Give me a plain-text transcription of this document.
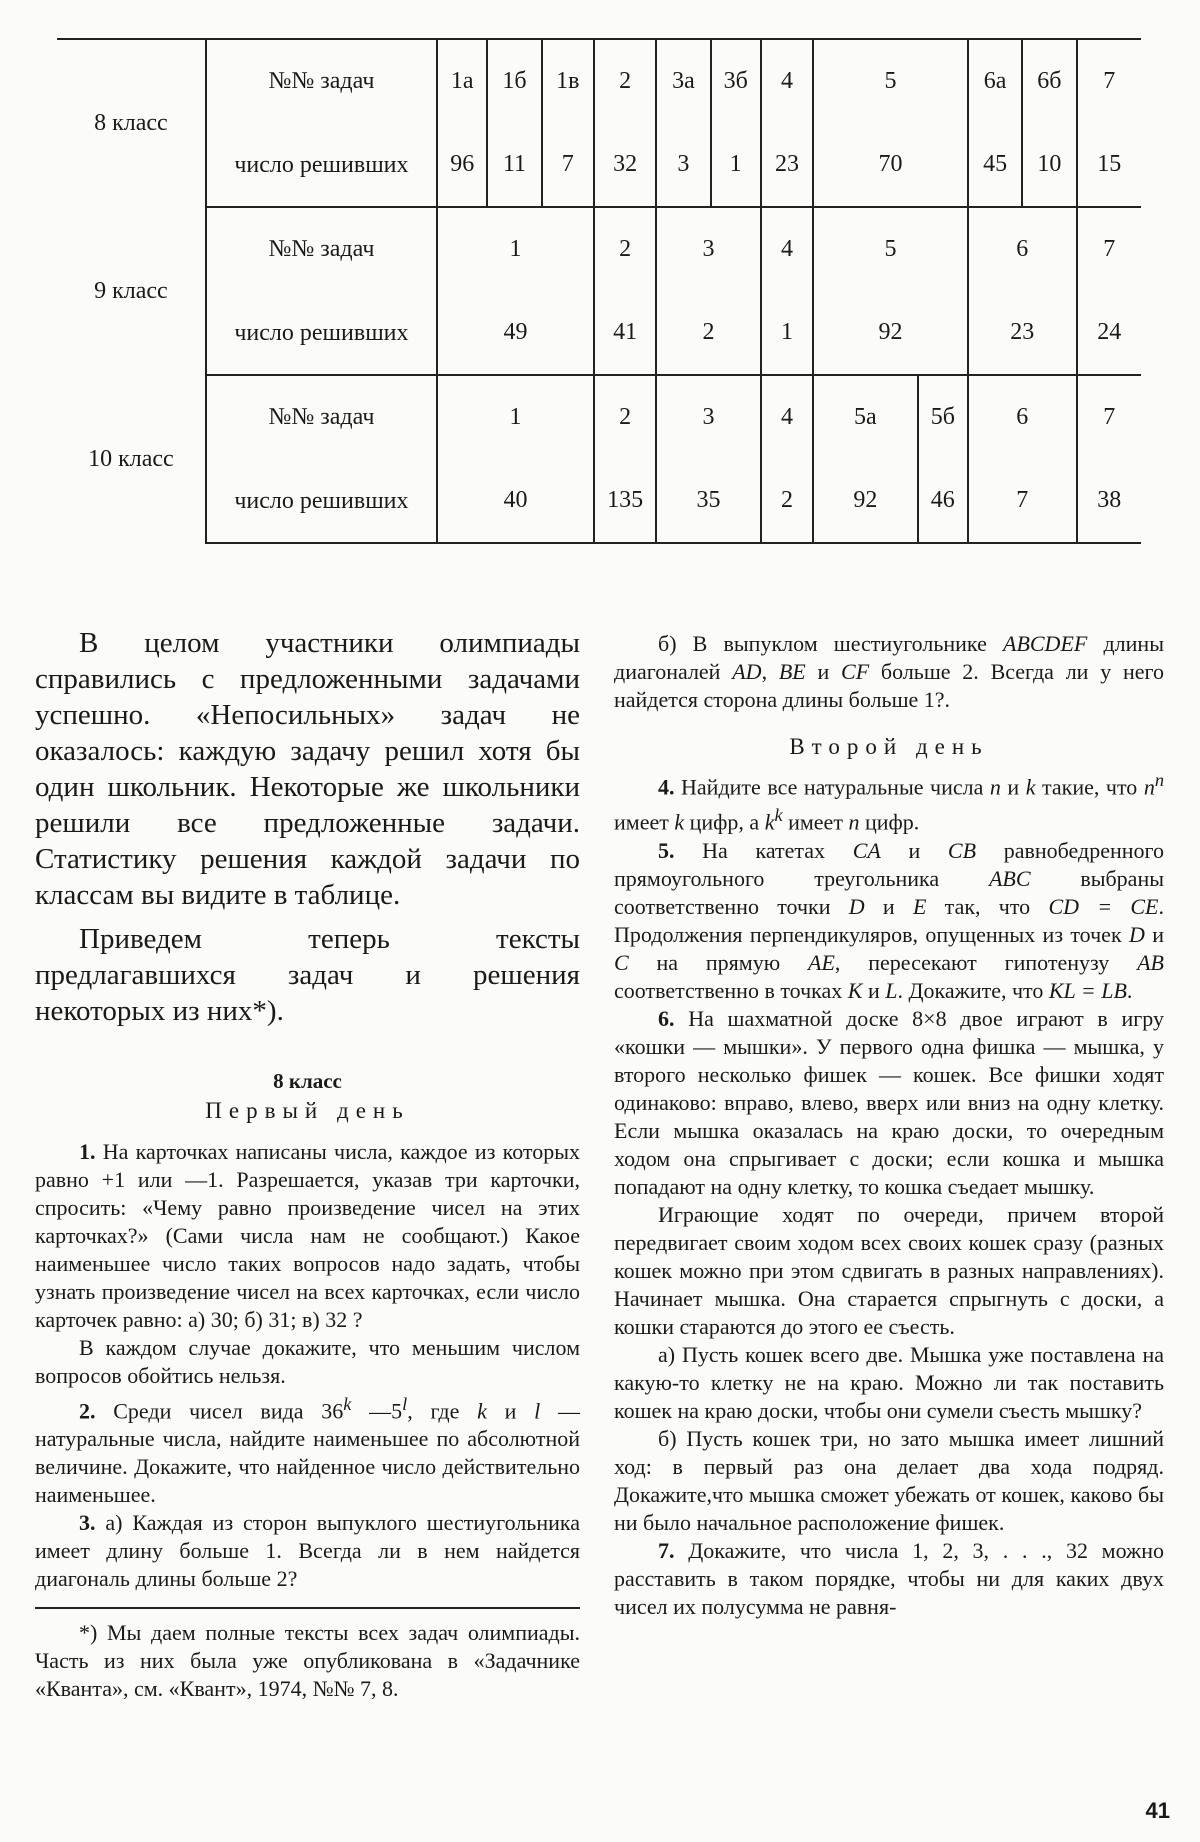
8 класс	№№ задач	1а	1б	1в	2	3а	3б	4	5		6а	6б	7
	число решивших	96	11	7	32	3	1	23	70		45	10	15
9 класс	№№ задач	1			2	3		4	5		6		7
	число решивших	49			41	2		1	92		23		24
10 класс	№№ задач	1			2	3		4	5а	5б	6		7
	число решивших	40			135	35		2	92	46	7		38

В целом участники олимпиады справились с предложенными задачами успешно. «Непосильных» задач не оказалось: каждую задачу решил хотя бы один школьник. Некоторые же школьники решили все предложенные задачи. Статистику решения каждой задачи по классам вы видите в таблице.

Приведем теперь тексты предлагавшихся задач и решения некоторых из них*).

8 класс
Первый день

1. На карточках написаны числа, каждое из которых равно +1 или —1. Разрешается, указав три карточки, спросить: «Чему равно произведение чисел на этих карточках?» (Сами числа нам не сообщают.) Какое наименьшее число таких вопросов надо задать, чтобы узнать произведение чисел на всех карточках, если число карточек равно: а) 30; б) 31; в) 32 ?

В каждом случае докажите, что меньшим числом вопросов обойтись нельзя.

2. Среди чисел вида 36$^k$ —5$^l$, где k и l — натуральные числа, найдите наименьшее по абсолютной величине. Докажите, что найденное число действительно наименьшее.

3. а) Каждая из сторон выпуклого шестиугольника имеет длину больше 1. Всегда ли в нем найдется диагональ длины больше 2?

*) Мы даем полные тексты всех задач олимпиады. Часть из них была уже опубликована в «Задачнике «Кванта», см. «Квант», 1974, №№ 7, 8.

б) В выпуклом шестиугольнике ABCDEF длины диагоналей AD, BE и CF больше 2. Всегда ли у него найдется сторона длины больше 1?.

Второй день

4. Найдите все натуральные числа n и k такие, что $n^n$ имеет k цифр, а $k^k$ имеет n цифр.

5. На катетах CA и CB равнобедренного прямоугольного треугольника ABC выбраны соответственно точки D и E так, что CD = CE. Продолжения перпендикуляров, опущенных из точек D и C на прямую AE, пересекают гипотенузу AB соответственно в точках K и L. Докажите, что KL = LB.

6. На шахматной доске 8×8 двое играют в игру «кошки — мышки». У первого одна фишка — мышка, у второго несколько фишек — кошек. Все фишки ходят одинаково: вправо, влево, вверх или вниз на одну клетку. Если мышка оказалась на краю доски, то очередным ходом она спрыгивает с доски; если кошка и мышка попадают на одну клетку, то кошка съедает мышку.

Играющие ходят по очереди, причем второй передвигает своим ходом всех своих кошек сразу (разных кошек можно при этом сдвигать в разных направлениях). Начинает мышка. Она старается спрыгнуть с доски, а кошки стараются до этого ее съесть.

а) Пусть кошек всего две. Мышка уже поставлена на какую-то клетку не на краю. Можно ли так поставить кошек на краю доски, чтобы они сумели съесть мышку?

б) Пусть кошек три, но зато мышка имеет лишний ход: в первый раз она делает два хода подряд. Докажите,что мышка сможет убежать от кошек, каково бы ни было начальное расположение фишек.

7. Докажите, что числа 1, 2, 3, . . ., 32 можно расставить в таком порядке, чтобы ни для каких двух чисел их полусумма не равня-

41
